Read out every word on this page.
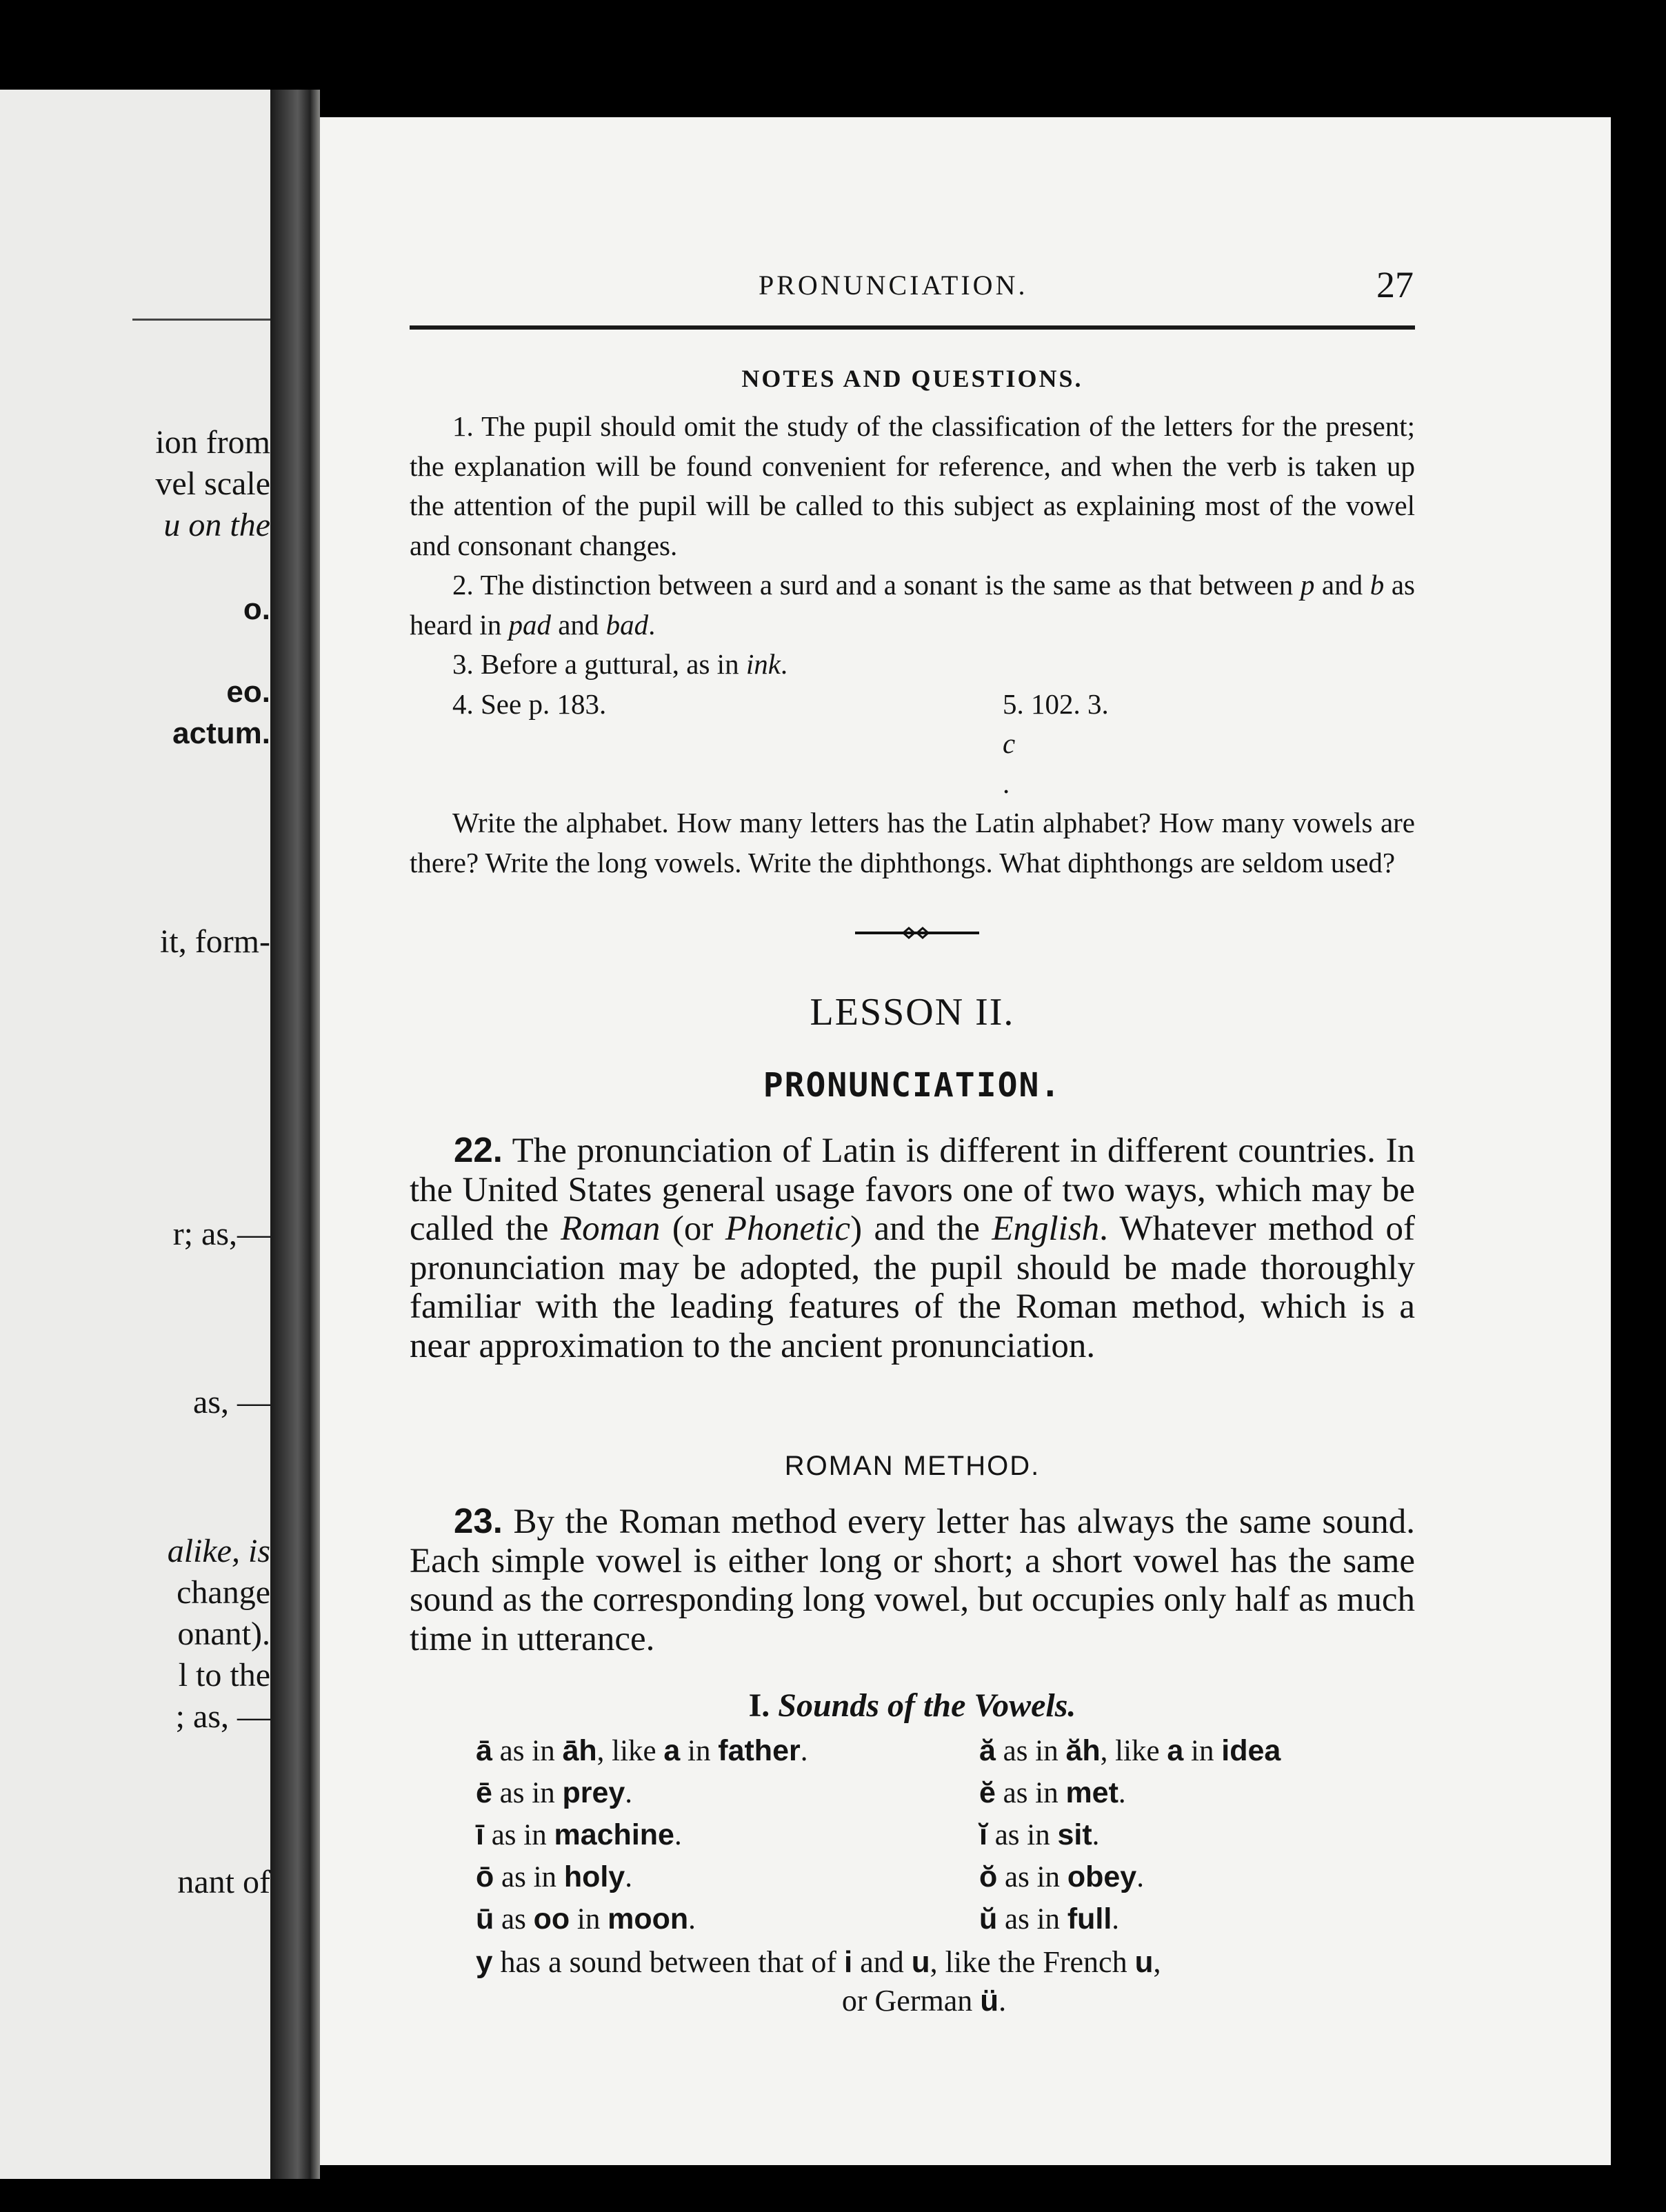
ion from
vel scale
u on the
o.
eo.
actum.
it, form-
r; as,—
as, —
alike, is
change
onant).
l to the
; as, —
nant of
PRONUNCIATION.	27
NOTES AND QUESTIONS.

1. The pupil should omit the study of the classification of the letters for the present; the explanation will be found convenient for reference, and when the verb is taken up the attention of the pupil will be called to this subject as explaining most of the vowel and consonant changes.

2. The distinction between a surd and a sonant is the same as that between p and b as heard in pad and bad.

3. Before a guttural, as in ink.

4. See p. 183.	5. 102. 3.
c
.

Write the alphabet. How many letters has the Latin alphabet? How many vowels are there? Write the long vowels. Write the diphthongs. What diphthongs are seldom used?

LESSON II.
PRONUNCIATION.

22. The pronunciation of Latin is different in different countries. In the United States general usage favors one of two ways, which may be called the Roman (or Phonetic) and the English. Whatever method of pronunciation may be adopted, the pupil should be made thoroughly familiar with the leading features of the Roman method, which is a near approximation to the ancient pronunciation.

ROMAN METHOD.

23. By the Roman method every letter has always the same sound. Each simple vowel is either long or short; a short vowel has the same sound as the corresponding long vowel, but occupies only half as much time in utterance.

I. Sounds of the Vowels.
ā as in āh, like a in father.	ă as in ăh, like a in idea
ē as in prey.	ĕ as in met.
ī as in machine.	ĭ as in sit.
ō as in holy.	ŏ as in obey.
ū as oo in moon.	ŭ as in full.
y has a sound between that of i and u, like the French u,
or German ü.
